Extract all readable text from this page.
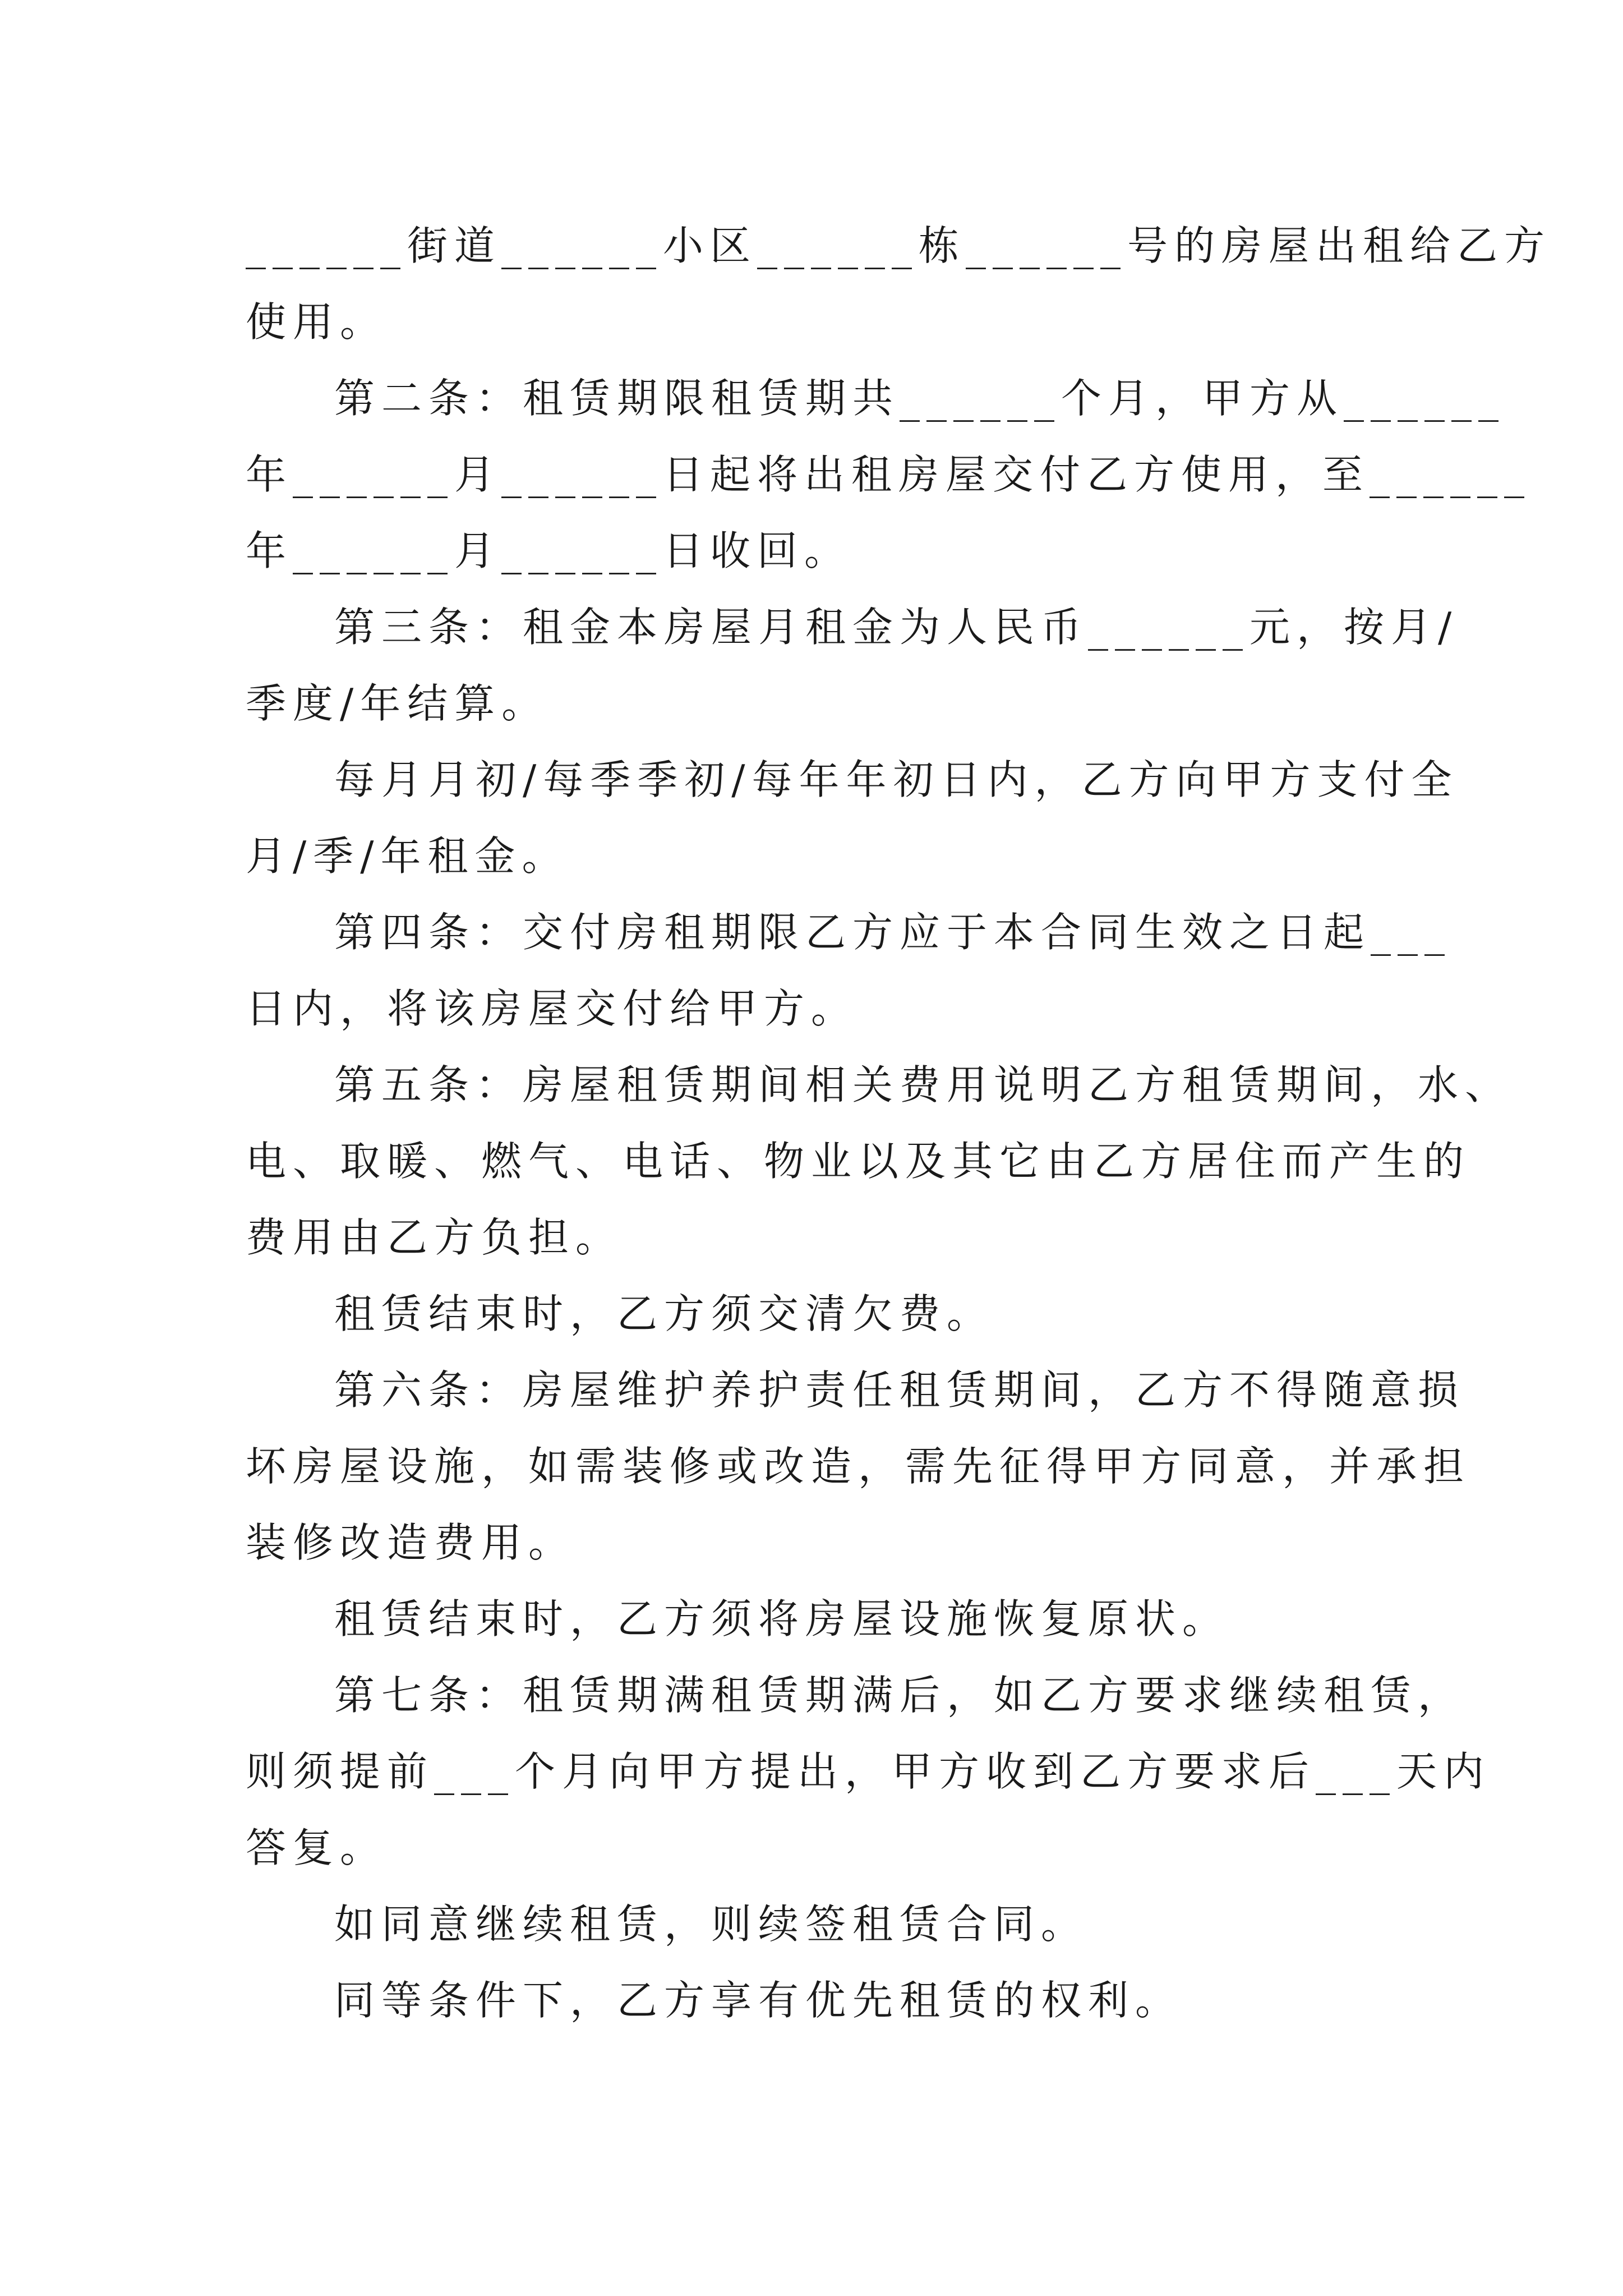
______街道______小区______栋______号的房屋出租给乙方
使用。
第二条：租赁期限租赁期共______个月，甲方从______
年______月______日起将出租房屋交付乙方使用，至______
年______月______日收回。
第三条：租金本房屋月租金为人民币______元，按月/
季度/年结算。
每月月初/每季季初/每年年初日内，乙方向甲方支付全
月/季/年租金。
第四条：交付房租期限乙方应于本合同生效之日起___
日内，将该房屋交付给甲方。
第五条：房屋租赁期间相关费用说明乙方租赁期间，水、
电、取暖、燃气、电话、物业以及其它由乙方居住而产生的
费用由乙方负担。
租赁结束时，乙方须交清欠费。
第六条：房屋维护养护责任租赁期间，乙方不得随意损
坏房屋设施，如需装修或改造，需先征得甲方同意，并承担
装修改造费用。
租赁结束时，乙方须将房屋设施恢复原状。
第七条：租赁期满租赁期满后，如乙方要求继续租赁，
则须提前___个月向甲方提出，甲方收到乙方要求后___天内
答复。
如同意继续租赁，则续签租赁合同。
同等条件下，乙方享有优先租赁的权利。
